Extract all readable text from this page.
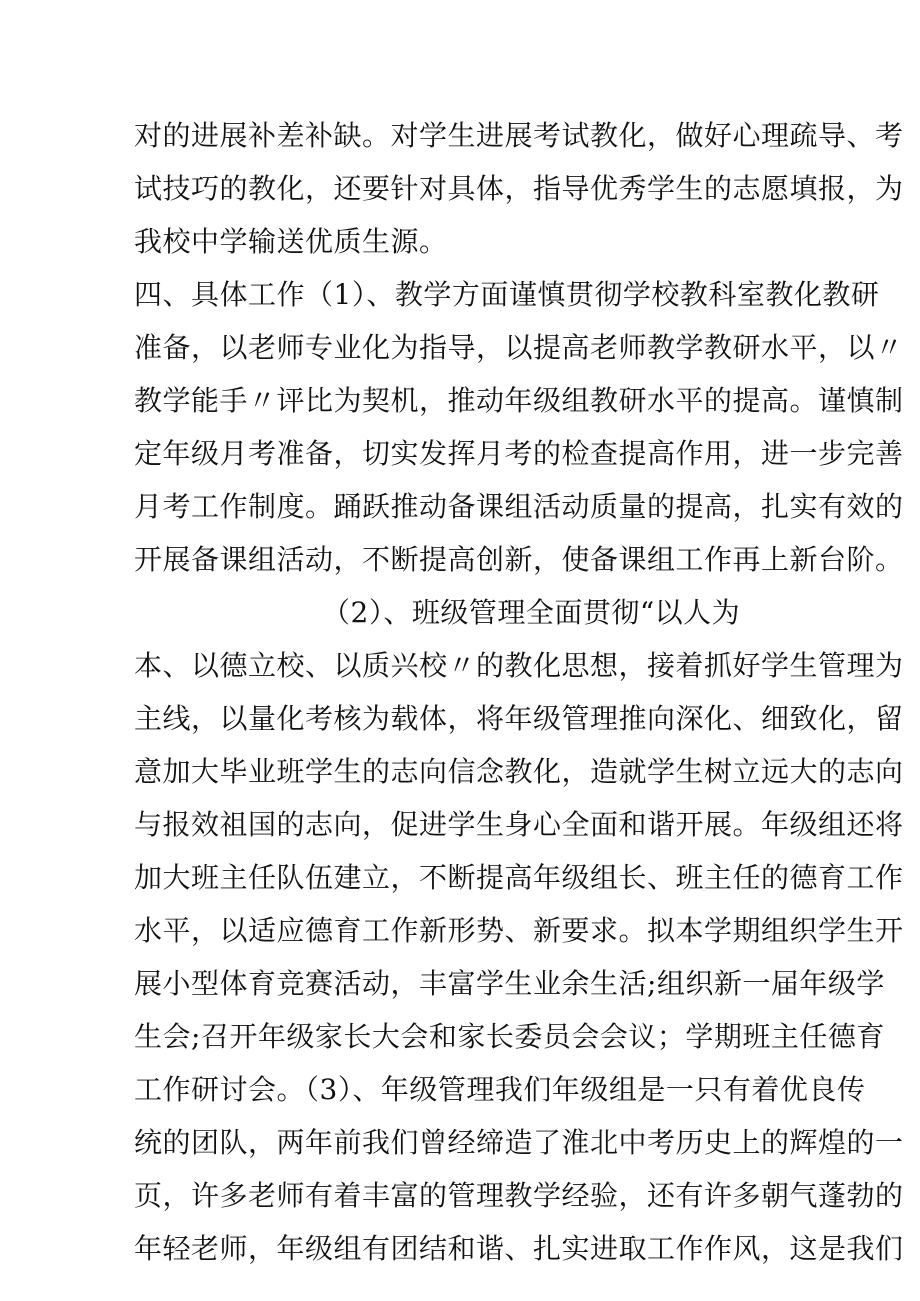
对的进展补差补缺。对学生进展考试教化，做好心理疏导、考
试技巧的教化，还要针对具体，指导优秀学生的志愿填报，为
我校中学输送优质生源。
四、具体工作（1）、教学方面谨慎贯彻学校教科室教化教研
准备，以老师专业化为指导，以提高老师教学教研水平，以〃
教学能手〃评比为契机，推动年级组教研水平的提高。谨慎制
定年级月考准备，切实发挥月考的检查提高作用，进一步完善
月考工作制度。踊跃推动备课组活动质量的提高，扎实有效的
开展备课组活动，不断提高创新，使备课组工作再上新台阶。
（2）、班级管理全面贯彻“以人为
本、以德立校、以质兴校〃的教化思想，接着抓好学生管理为
主线，以量化考核为载体，将年级管理推向深化、细致化，留
意加大毕业班学生的志向信念教化，造就学生树立远大的志向
与报效祖国的志向，促进学生身心全面和谐开展。年级组还将
加大班主任队伍建立，不断提高年级组长、班主任的德育工作
水平，以适应德育工作新形势、新要求。拟本学期组织学生开
展小型体育竞赛活动，丰富学生业余生活;组织新一届年级学
生会;召开年级家长大会和家长委员会会议；学期班主任德育
工作研讨会。（3）、年级管理我们年级组是一只有着优良传
统的团队，两年前我们曾经缔造了淮北中考历史上的辉煌的一
页，许多老师有着丰富的管理教学经验，还有许多朝气蓬勃的
年轻老师，年级组有团结和谐、扎实进取工作作风，这是我们
